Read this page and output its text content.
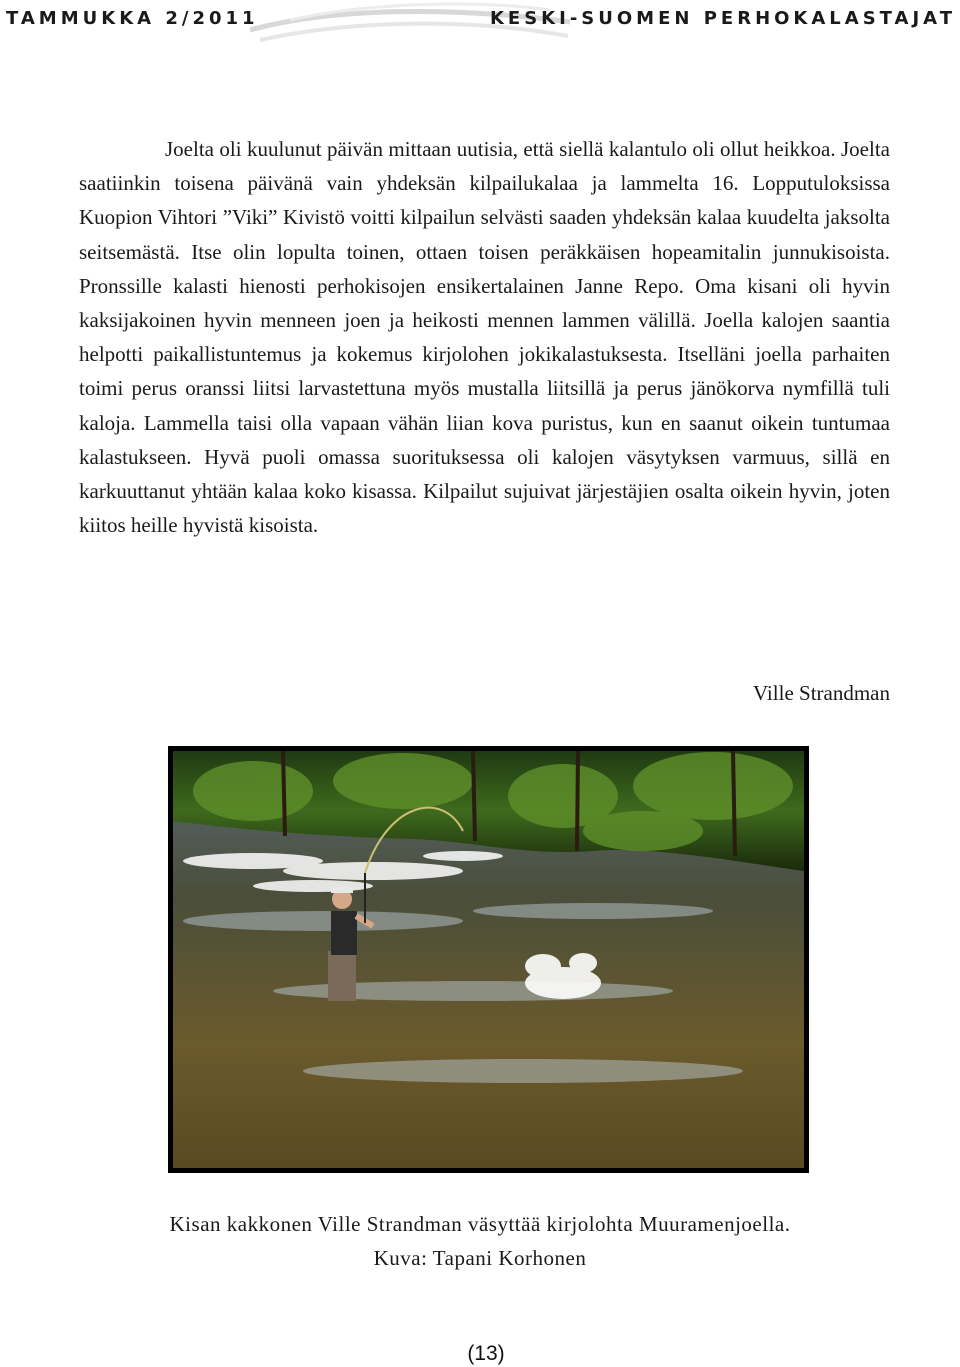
TAMMUKKA 2/2011	KESKI-SUOMEN PERHOKALASTAJAT

Joelta oli kuulunut päivän mittaan uutisia, että siellä kalantulo oli ollut heikkoa. Joelta saatiinkin toisena päivänä vain yhdeksän kilpailukalaa ja lammelta 16. Lopputuloksissa Kuopion Vihtori ”Viki” Kivistö voitti kilpailun selvästi saaden yhdeksän kalaa kuudelta jaksolta seitsemästä. Itse olin lopulta toinen, ottaen toisen peräkkäisen hopeamitalin junnukisoista. Pronssille kalasti hienosti perhokisojen ensikertalainen Janne Repo. Oma kisani oli hyvin kaksijakoinen hyvin menneen joen ja heikosti mennen lammen välillä. Joella kalojen saantia helpotti paikallistuntemus ja kokemus kirjolohen jokikalastuksesta. Itselläni joella parhaiten toimi perus oranssi liitsi larvastettuna myös mustalla liitsillä ja perus jänökorva nymfillä tuli kaloja. Lammella taisi olla vapaan vähän liian kova puristus, kun en saanut oikein tuntumaa kalastukseen. Hyvä puoli omassa suorituksessa oli kalojen väsytyksen varmuus, sillä en karkuuttanut yhtään kalaa koko kisassa. Kilpailut sujuivat järjestäjien osalta oikein hyvin, joten kiitos heille hyvistä kisoista.

Ville Strandman
Kisan kakkonen Ville Strandman väsyttää kirjolohta Muuramenjoella.
Kuva: Tapani Korhonen
(13)
